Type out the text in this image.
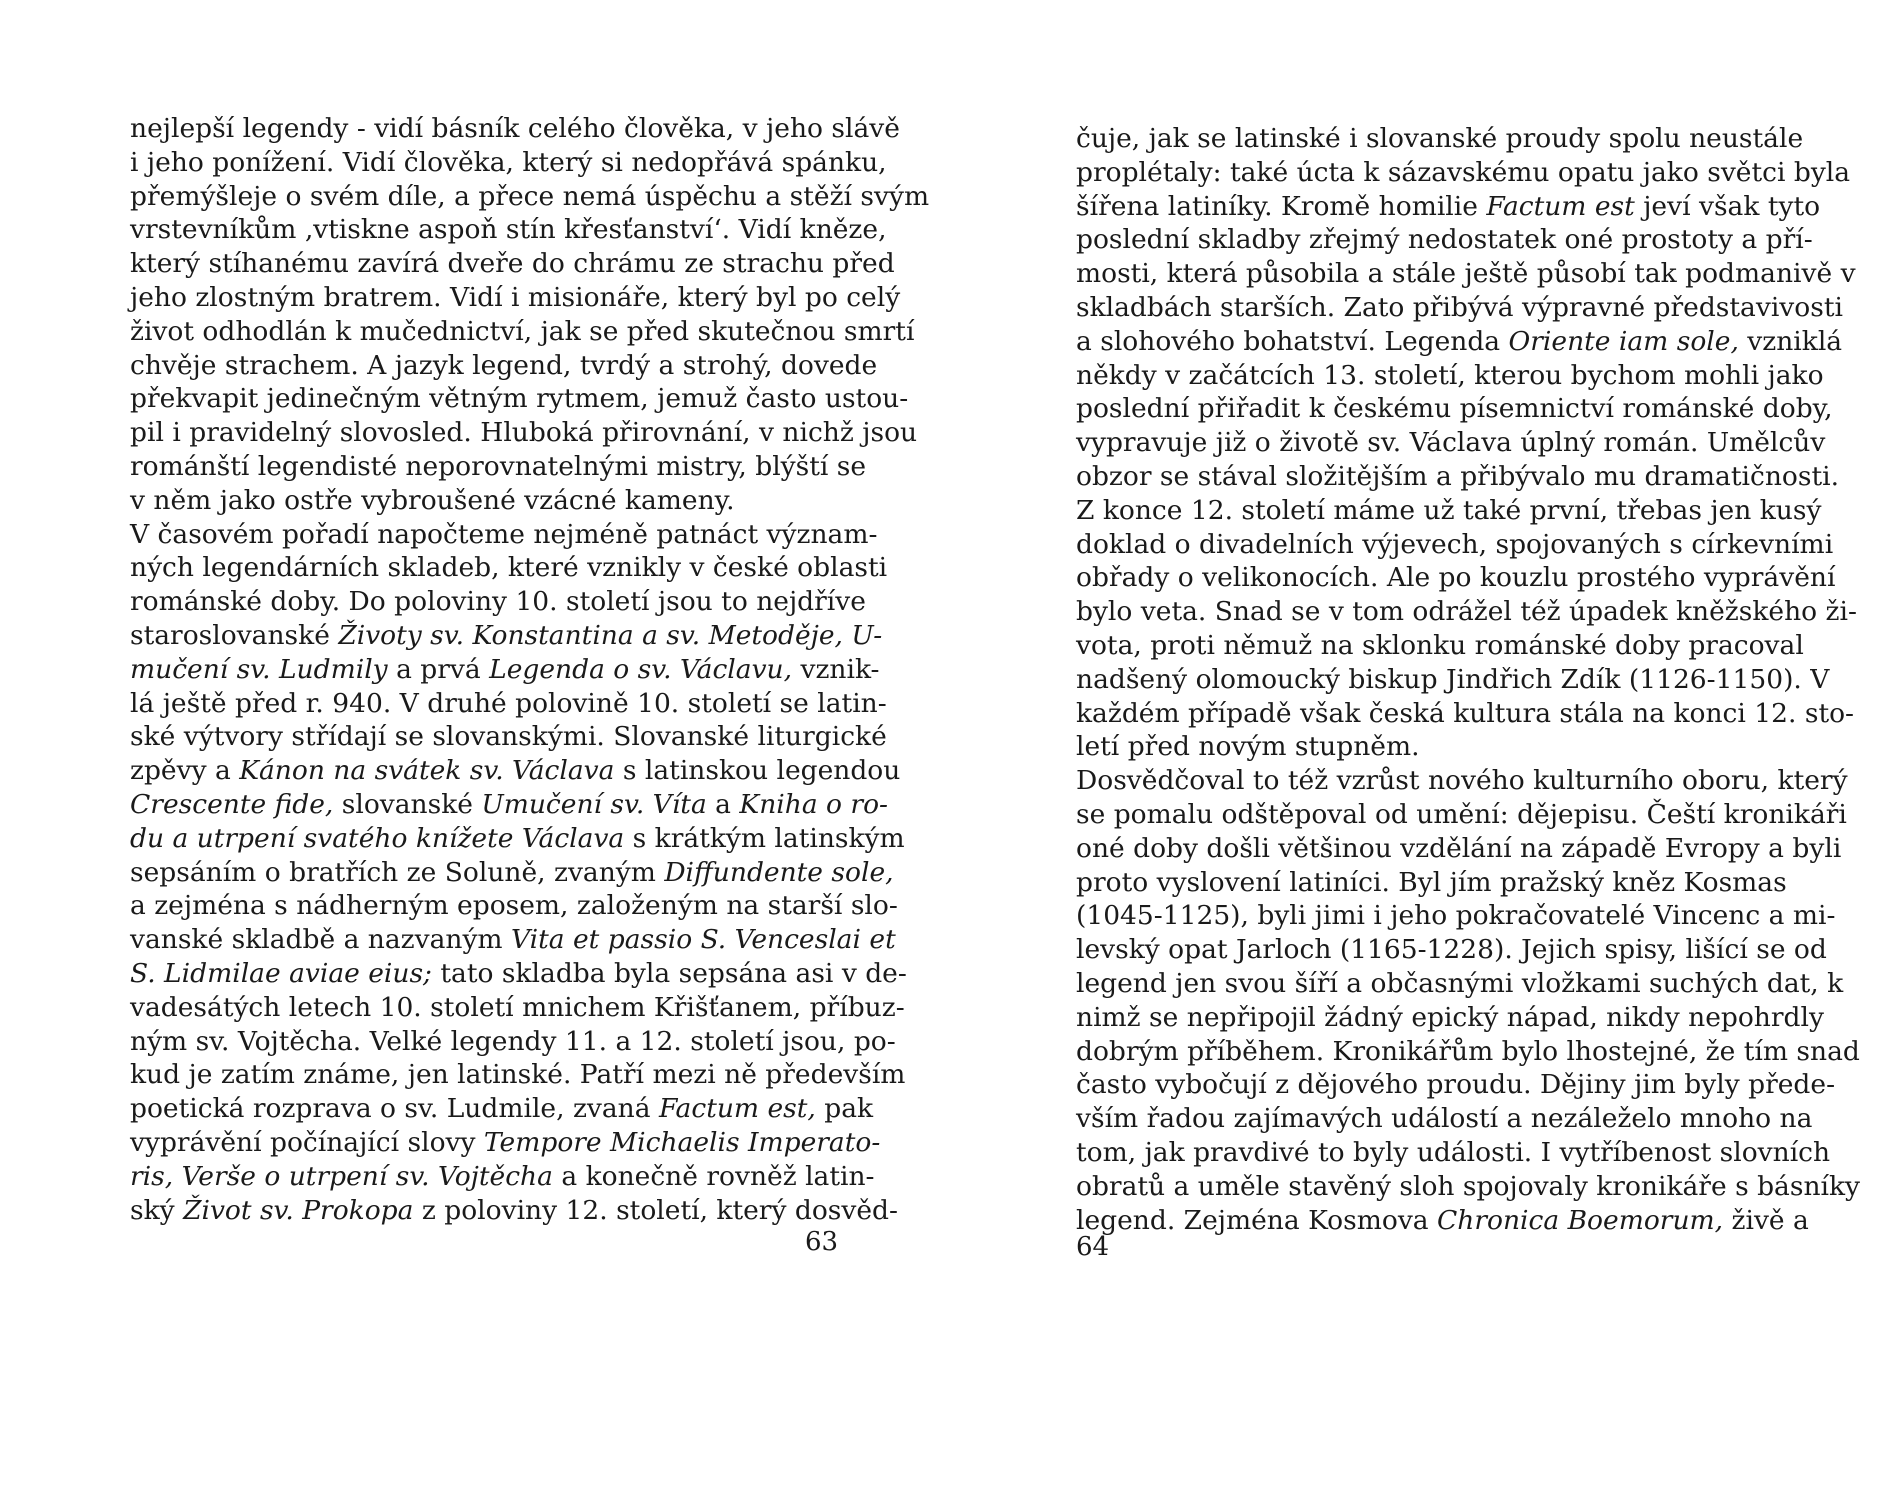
nejlepší legendy - vidí básník celého člověka, v jeho slávě
i jeho ponížení. Vidí člověka, který si nedopřává spánku,
přemýšleje o svém díle, a přece nemá úspěchu a stěží svým
vrstevníkům ‚vtiskne aspoň stín křesťanství‘. Vidí kněze,
který stíhanému zavírá dveře do chrámu ze strachu před
jeho zlostným bratrem. Vidí i misionáře, který byl po celý
život odhodlán k mučednictví, jak se před skutečnou smrtí
chvěje strachem. A jazyk legend, tvrdý a strohý, dovede
překvapit jedinečným větným rytmem, jemuž často ustou-
pil i pravidelný slovosled. Hluboká přirovnání, v nichž jsou
románští legendisté neporovnatelnými mistry, blýští se
v něm jako ostře vybroušené vzácné kameny.
V časovém pořadí napočteme nejméně patnáct význam-
ných legendárních skladeb, které vznikly v české oblasti
románské doby. Do poloviny 10. století jsou to nejdříve
staroslovanské Životy sv. Konstantina a sv. Metoděje, U-
mučení sv. Ludmily a prvá Legenda o sv. Václavu, vznik-
lá ještě před r. 940. V druhé polovině 10. století se latin-
ské výtvory střídají se slovanskými. Slovanské liturgické
zpěvy a Kánon na svátek sv. Václava s latinskou legendou
Crescente fide, slovanské Umučení sv. Víta a Kniha o ro-
du a utrpení svatého knížete Václava s krátkým latinským
sepsáním o bratřích ze Soluně, zvaným Diffundente sole,
a zejména s nádherným eposem, založeným na starší slo-
vanské skladbě a nazvaným Vita et passio S. Venceslai et
S. Lidmilae aviae eius; tato skladba byla sepsána asi v de-
vadesátých letech 10. století mnichem Křišťanem, příbuz-
ným sv. Vojtěcha. Velké legendy 11. a 12. století jsou, po-
kud je zatím známe, jen latinské. Patří mezi ně především
poetická rozprava o sv. Ludmile, zvaná Factum est, pak
vyprávění počínající slovy Tempore Michaelis Imperato-
ris, Verše o utrpení sv. Vojtěcha a konečně rovněž latin-
ský Život sv. Prokopa z poloviny 12. století, který dosvěd-
63
čuje, jak se latinské i slovanské proudy spolu neustále
proplétaly: také úcta k sázavskému opatu jako světci byla
šířena latiníky. Kromě homilie Factum est jeví však tyto
poslední skladby zřejmý nedostatek oné prostoty a pří-
mosti, která působila a stále ještě působí tak podmanivě v
skladbách starších. Zato přibývá výpravné představivosti
a slohového bohatství. Legenda Oriente iam sole, vzniklá
někdy v začátcích 13. století, kterou bychom mohli jako
poslední přiřadit k českému písemnictví románské doby,
vypravuje již o životě sv. Václava úplný román. Umělcův
obzor se stával složitějším a přibývalo mu dramatičnosti.
Z konce 12. století máme už také první, třebas jen kusý
doklad o divadelních výjevech, spojovaných s církevními
obřady o velikonocích. Ale po kouzlu prostého vyprávění
bylo veta. Snad se v tom odrážel též úpadek kněžského ži-
vota, proti němuž na sklonku románské doby pracoval
nadšený olomoucký biskup Jindřich Zdík (1126-1150). V
každém případě však česká kultura stála na konci 12. sto-
letí před novým stupněm.
Dosvědčoval to též vzrůst nového kulturního oboru, který
se pomalu odštěpoval od umění: dějepisu. Čeští kronikáři
oné doby došli většinou vzdělání na západě Evropy a byli
proto vyslovení latiníci. Byl jím pražský kněz Kosmas
(1045-1125), byli jimi i jeho pokračovatelé Vincenc a mi-
levský opat Jarloch (1165-1228). Jejich spisy, lišící se od
legend jen svou šíří a občasnými vložkami suchých dat, k
nimž se nepřipojil žádný epický nápad, nikdy nepohrdly
dobrým příběhem. Kronikářům bylo lhostejné, že tím snad
často vybočují z dějového proudu. Dějiny jim byly přede-
vším řadou zajímavých událostí a nezáleželo mnoho na
tom, jak pravdivé to byly události. I vytříbenost slovních
obratů a uměle stavěný sloh spojovaly kronikáře s básníky
legend. Zejména Kosmova Chronica Boemorum, živě a
64
